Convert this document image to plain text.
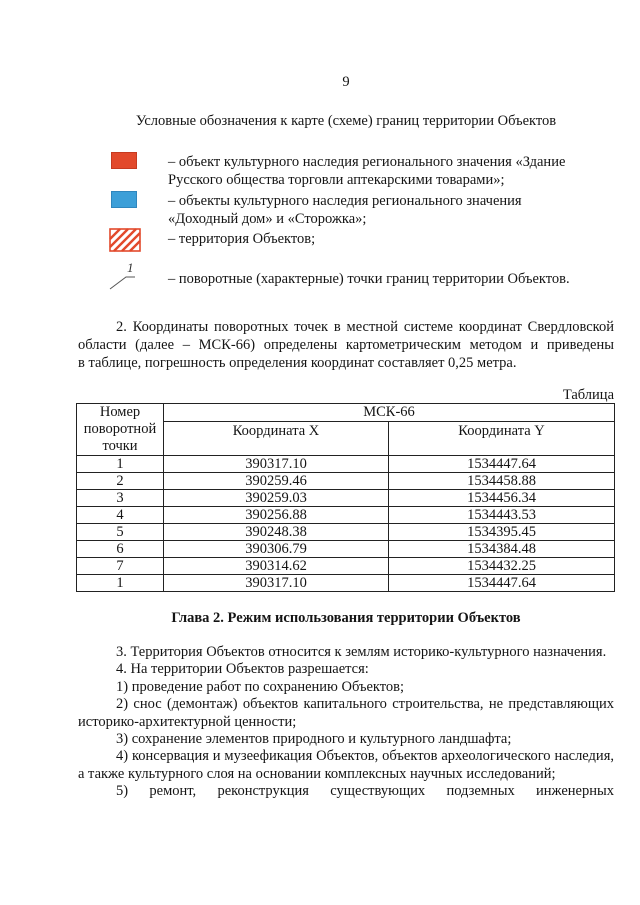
9
Условные обозначения к карте (схеме) границ территории Объектов
– объект культурного наследия регионального значения «Здание
Русского общества торговли аптекарскими товарами»;
– объекты культурного наследия регионального значения
«Доходный дом» и «Сторожка»;
– территория Объектов;
1
– поворотные (характерные) точки границ территории Объектов.
2. Координаты поворотных точек в местной системе координат Свердловской
области (далее – МСК-66) определены картометрическим методом и приведены
в таблице, погрешность определения координат составляет 0,25 метра.
Таблица
Номер поворотной точки	МСК-66	
	Координата X	Координата Y
1	390317.10	1534447.64
2	390259.46	1534458.88
3	390259.03	1534456.34
4	390256.88	1534443.53
5	390248.38	1534395.45
6	390306.79	1534384.48
7	390314.62	1534432.25
1	390317.10	1534447.64
Глава 2. Режим использования территории Объектов
3. Территория Объектов относится к землям историко-культурного назначения.
4. На территории Объектов разрешается:
1) проведение работ по сохранению Объектов;
2) снос (демонтаж) объектов капитального строительства, не представляющих
историко-архитектурной ценности;
3) сохранение элементов природного и культурного ландшафта;
4) консервация и музеефикация Объектов, объектов археологического наследия,
а также культурного слоя на основании комплексных научных исследований;
5) ремонт, реконструкция существующих подземных инженерных
